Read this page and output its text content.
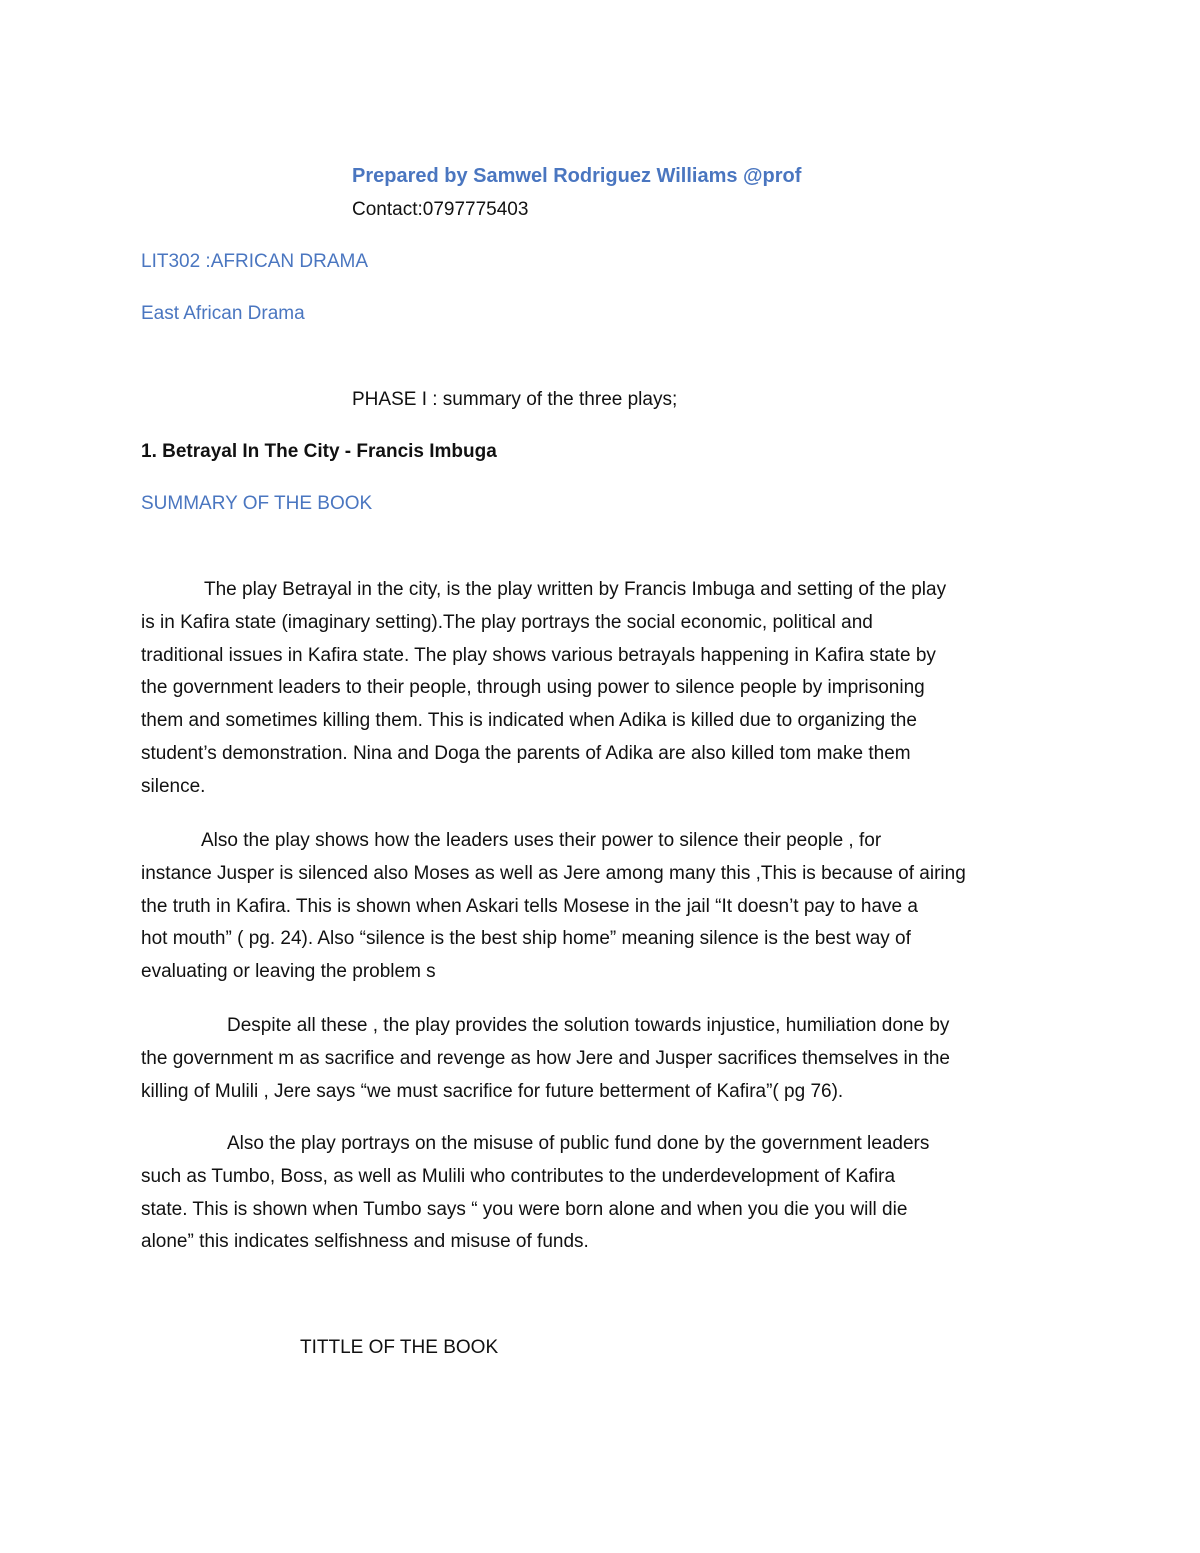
Prepared by Samwel Rodriguez Williams @prof
Contact:0797775403
LIT302 :AFRICAN DRAMA
East African Drama
PHASE I : summary of the three plays;
1. Betrayal In The City - Francis Imbuga
SUMMARY OF THE BOOK
The play Betrayal in the city, is the play written by Francis Imbuga and setting of the play
is in Kafira state (imaginary setting).The play portrays the social economic, political and
traditional issues in Kafira state. The play shows various betrayals happening in Kafira state by
the government leaders to their people, through using power to silence people by imprisoning
them and sometimes killing them. This is indicated when Adika is killed due to organizing the
student’s demonstration. Nina and Doga the parents of Adika are also killed tom make them
silence.
Also the play shows how the leaders uses their power to silence their people , for
instance Jusper is silenced also Moses as well as Jere among many this ,This is because of airing
the truth in Kafira. This is shown when Askari tells Mosese in the jail “It doesn’t pay to have a
hot mouth” ( pg. 24). Also “silence is the best ship home” meaning silence is the best way of
evaluating or leaving the problem s
Despite all these , the play provides the solution towards injustice, humiliation done by
the government m as sacrifice and revenge as how Jere and Jusper sacrifices themselves in the
killing of Mulili , Jere says “we must sacrifice for future betterment of Kafira”( pg 76).
Also the play portrays on the misuse of public fund done by the government leaders
such as Tumbo, Boss, as well as Mulili who contributes to the underdevelopment of Kafira
state. This is shown when Tumbo says “ you were born alone and when you die you will die
alone” this indicates selfishness and misuse of funds.
TITTLE OF THE BOOK
